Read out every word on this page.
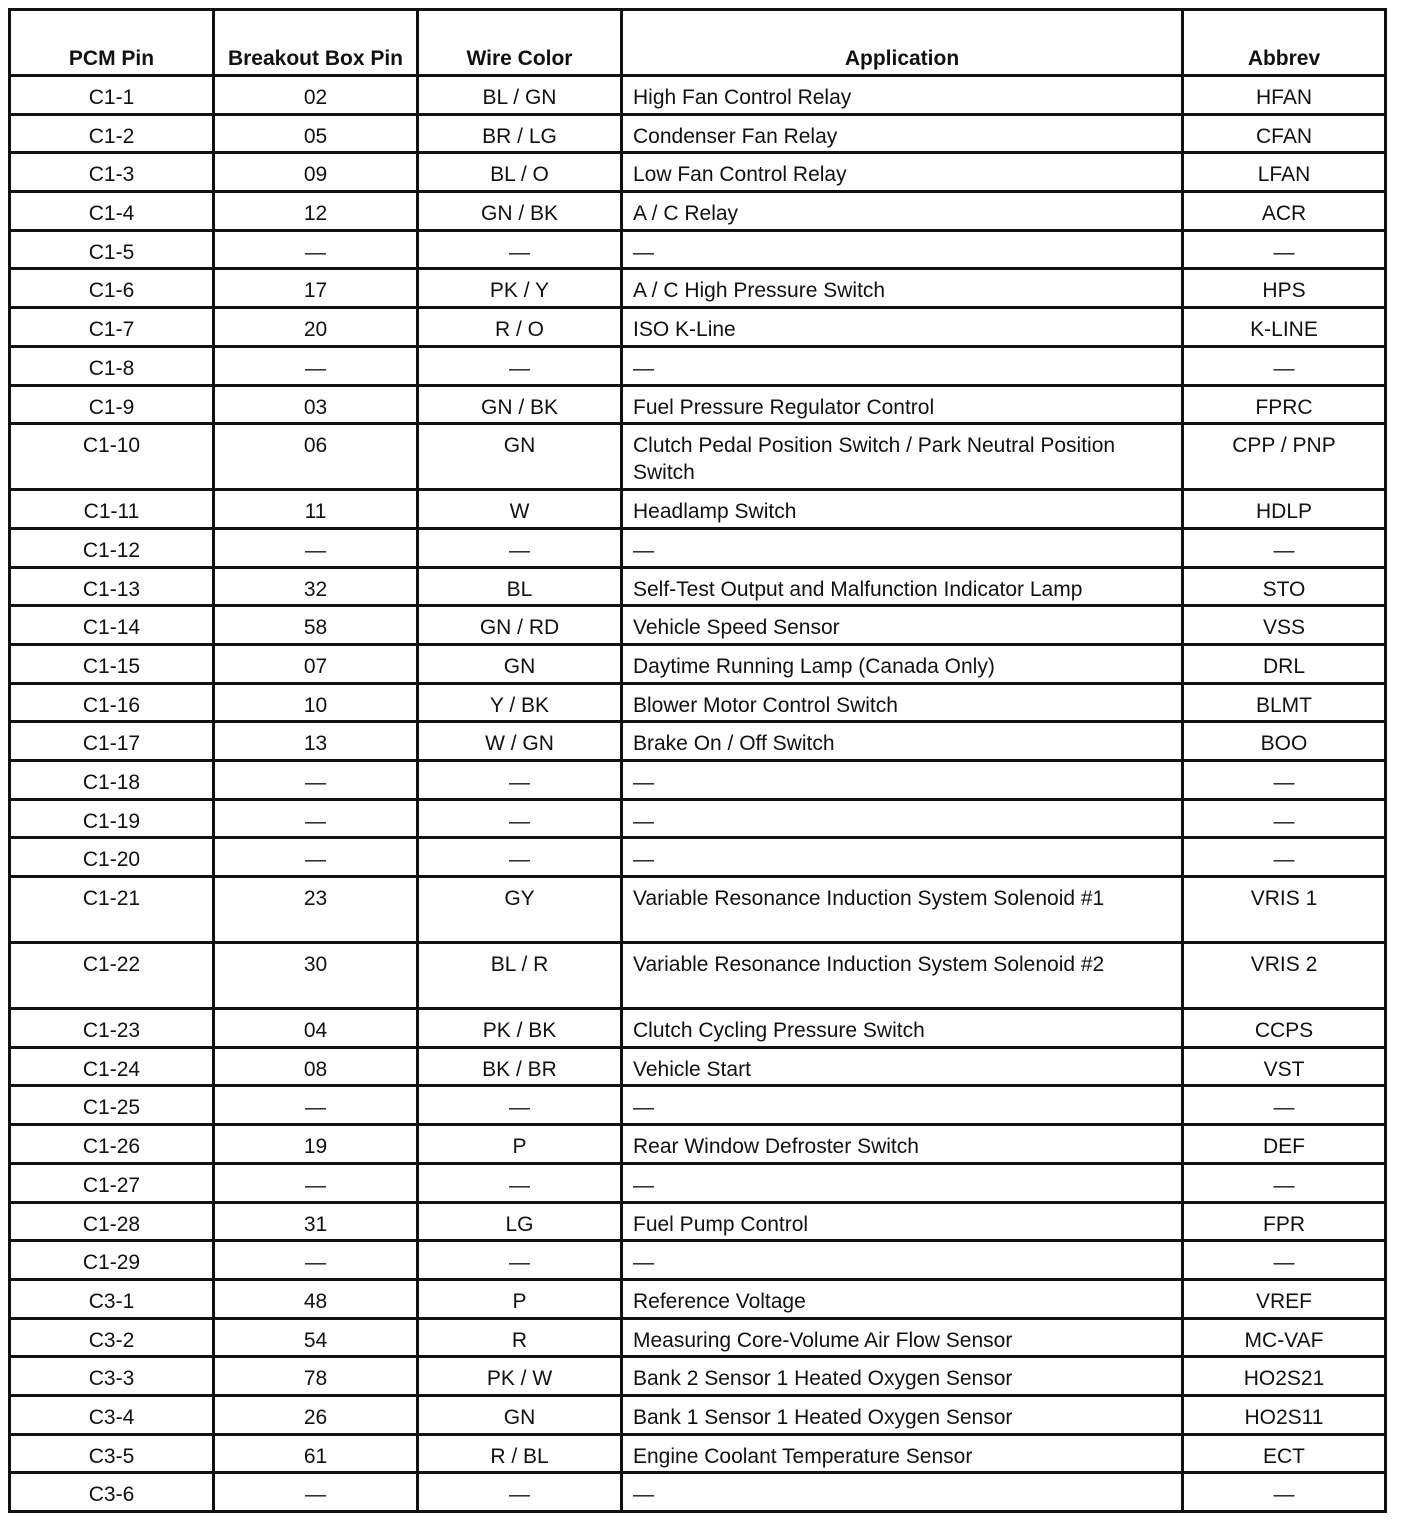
PCM Pin	Breakout Box Pin	Wire Color	Application	Abbrev
C1-1	02	BL / GN	High Fan Control Relay	HFAN
C1-2	05	BR / LG	Condenser Fan Relay	CFAN
C1-3	09	BL / O	Low Fan Control Relay	LFAN
C1-4	12	GN / BK	A / C Relay	ACR
C1-5	—	—	—	—
C1-6	17	PK / Y	A / C High Pressure Switch	HPS
C1-7	20	R / O	ISO K-Line	K-LINE
C1-8	—	—	—	—
C1-9	03	GN / BK	Fuel Pressure Regulator Control	FPRC
C1-10	06	GN	Clutch Pedal Position Switch / Park Neutral Position Switch	CPP / PNP
C1-11	11	W	Headlamp Switch	HDLP
C1-12	—	—	—	—
C1-13	32	BL	Self-Test Output and Malfunction Indicator Lamp	STO
C1-14	58	GN / RD	Vehicle Speed Sensor	VSS
C1-15	07	GN	Daytime Running Lamp (Canada Only)	DRL
C1-16	10	Y / BK	Blower Motor Control Switch	BLMT
C1-17	13	W / GN	Brake On / Off Switch	BOO
C1-18	—	—	—	—
C1-19	—	—	—	—
C1-20	—	—	—	—
C1-21	23	GY	Variable Resonance Induction System Solenoid #1	VRIS 1
C1-22	30	BL / R	Variable Resonance Induction System Solenoid #2	VRIS 2
C1-23	04	PK / BK	Clutch Cycling Pressure Switch	CCPS
C1-24	08	BK / BR	Vehicle Start	VST
C1-25	—	—	—	—
C1-26	19	P	Rear Window Defroster Switch	DEF
C1-27	—	—	—	—
C1-28	31	LG	Fuel Pump Control	FPR
C1-29	—	—	—	—
C3-1	48	P	Reference Voltage	VREF
C3-2	54	R	Measuring Core-Volume Air Flow Sensor	MC-VAF
C3-3	78	PK / W	Bank 2 Sensor 1 Heated Oxygen Sensor	HO2S21
C3-4	26	GN	Bank 1 Sensor 1 Heated Oxygen Sensor	HO2S11
C3-5	61	R / BL	Engine Coolant Temperature Sensor	ECT
C3-6	—	—	—	—
